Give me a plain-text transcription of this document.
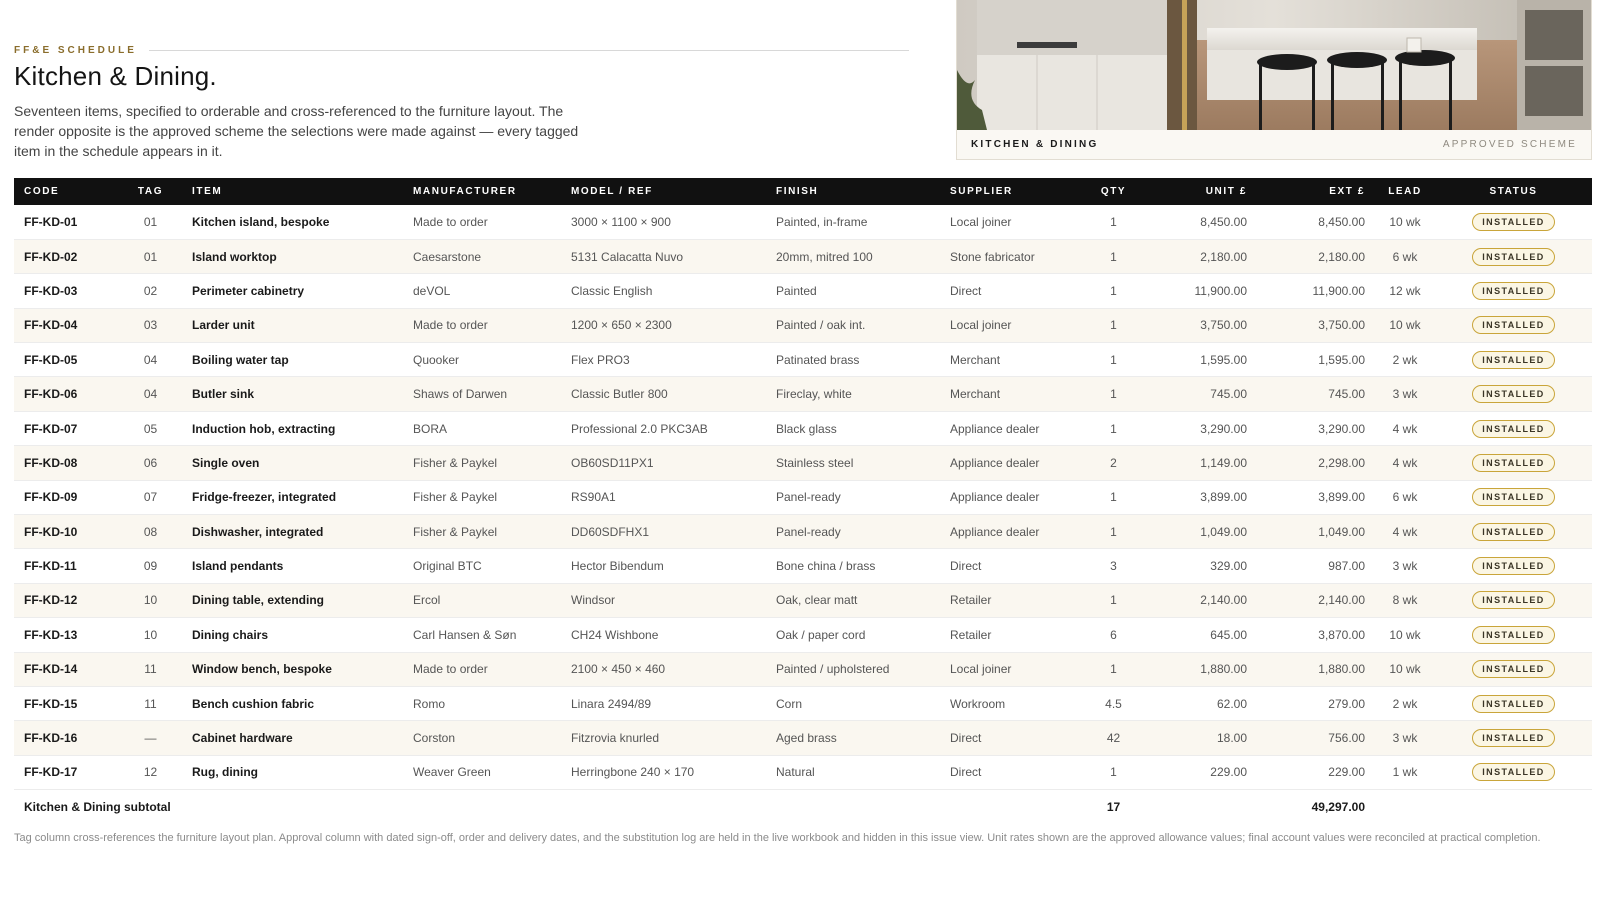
FF&E SCHEDULE
Kitchen & Dining.

Seventeen items, specified to orderable and cross-referenced to the furniture layout. The render opposite is the approved scheme the selections were made against — every tagged item in the schedule appears in it.	KITCHEN & DINING	APPROVED SCHEME
CODE	TAG	ITEM	MANUFACTURER	MODEL / REF	FINISH	SUPPLIER	QTY	UNIT £	EXT £	LEAD	STATUS
FF-KD-01	01	Kitchen island, bespoke	Made to order	3000 × 1100 × 900	Painted, in-frame	Local joiner	1	8,450.00	8,450.00	10 wk	INSTALLED
FF-KD-02	01	Island worktop	Caesarstone	5131 Calacatta Nuvo	20mm, mitred 100	Stone fabricator	1	2,180.00	2,180.00	6 wk	INSTALLED
FF-KD-03	02	Perimeter cabinetry	deVOL	Classic English	Painted	Direct	1	11,900.00	11,900.00	12 wk	INSTALLED
FF-KD-04	03	Larder unit	Made to order	1200 × 650 × 2300	Painted / oak int.	Local joiner	1	3,750.00	3,750.00	10 wk	INSTALLED
FF-KD-05	04	Boiling water tap	Quooker	Flex PRO3	Patinated brass	Merchant	1	1,595.00	1,595.00	2 wk	INSTALLED
FF-KD-06	04	Butler sink	Shaws of Darwen	Classic Butler 800	Fireclay, white	Merchant	1	745.00	745.00	3 wk	INSTALLED
FF-KD-07	05	Induction hob, extracting	BORA	Professional 2.0 PKC3AB	Black glass	Appliance dealer	1	3,290.00	3,290.00	4 wk	INSTALLED
FF-KD-08	06	Single oven	Fisher & Paykel	OB60SD11PX1	Stainless steel	Appliance dealer	2	1,149.00	2,298.00	4 wk	INSTALLED
FF-KD-09	07	Fridge-freezer, integrated	Fisher & Paykel	RS90A1	Panel-ready	Appliance dealer	1	3,899.00	3,899.00	6 wk	INSTALLED
FF-KD-10	08	Dishwasher, integrated	Fisher & Paykel	DD60SDFHX1	Panel-ready	Appliance dealer	1	1,049.00	1,049.00	4 wk	INSTALLED
FF-KD-11	09	Island pendants	Original BTC	Hector Bibendum	Bone china / brass	Direct	3	329.00	987.00	3 wk	INSTALLED
FF-KD-12	10	Dining table, extending	Ercol	Windsor	Oak, clear matt	Retailer	1	2,140.00	2,140.00	8 wk	INSTALLED
FF-KD-13	10	Dining chairs	Carl Hansen & Søn	CH24 Wishbone	Oak / paper cord	Retailer	6	645.00	3,870.00	10 wk	INSTALLED
FF-KD-14	11	Window bench, bespoke	Made to order	2100 × 450 × 460	Painted / upholstered	Local joiner	1	1,880.00	1,880.00	10 wk	INSTALLED
FF-KD-15	11	Bench cushion fabric	Romo	Linara 2494/89	Corn	Workroom	4.5	62.00	279.00	2 wk	INSTALLED
FF-KD-16	—	Cabinet hardware	Corston	Fitzrovia knurled	Aged brass	Direct	42	18.00	756.00	3 wk	INSTALLED
FF-KD-17	12	Rug, dining	Weaver Green	Herringbone 240 × 170	Natural	Direct	1	229.00	229.00	1 wk	INSTALLED
Kitchen & Dining subtotal							17		49,297.00		

Tag column cross-references the furniture layout plan. Approval column with dated sign-off, order and delivery dates, and the substitution log are held in the live workbook and hidden in this issue view. Unit rates shown are the approved allowance values; final account values were reconciled at practical completion.
